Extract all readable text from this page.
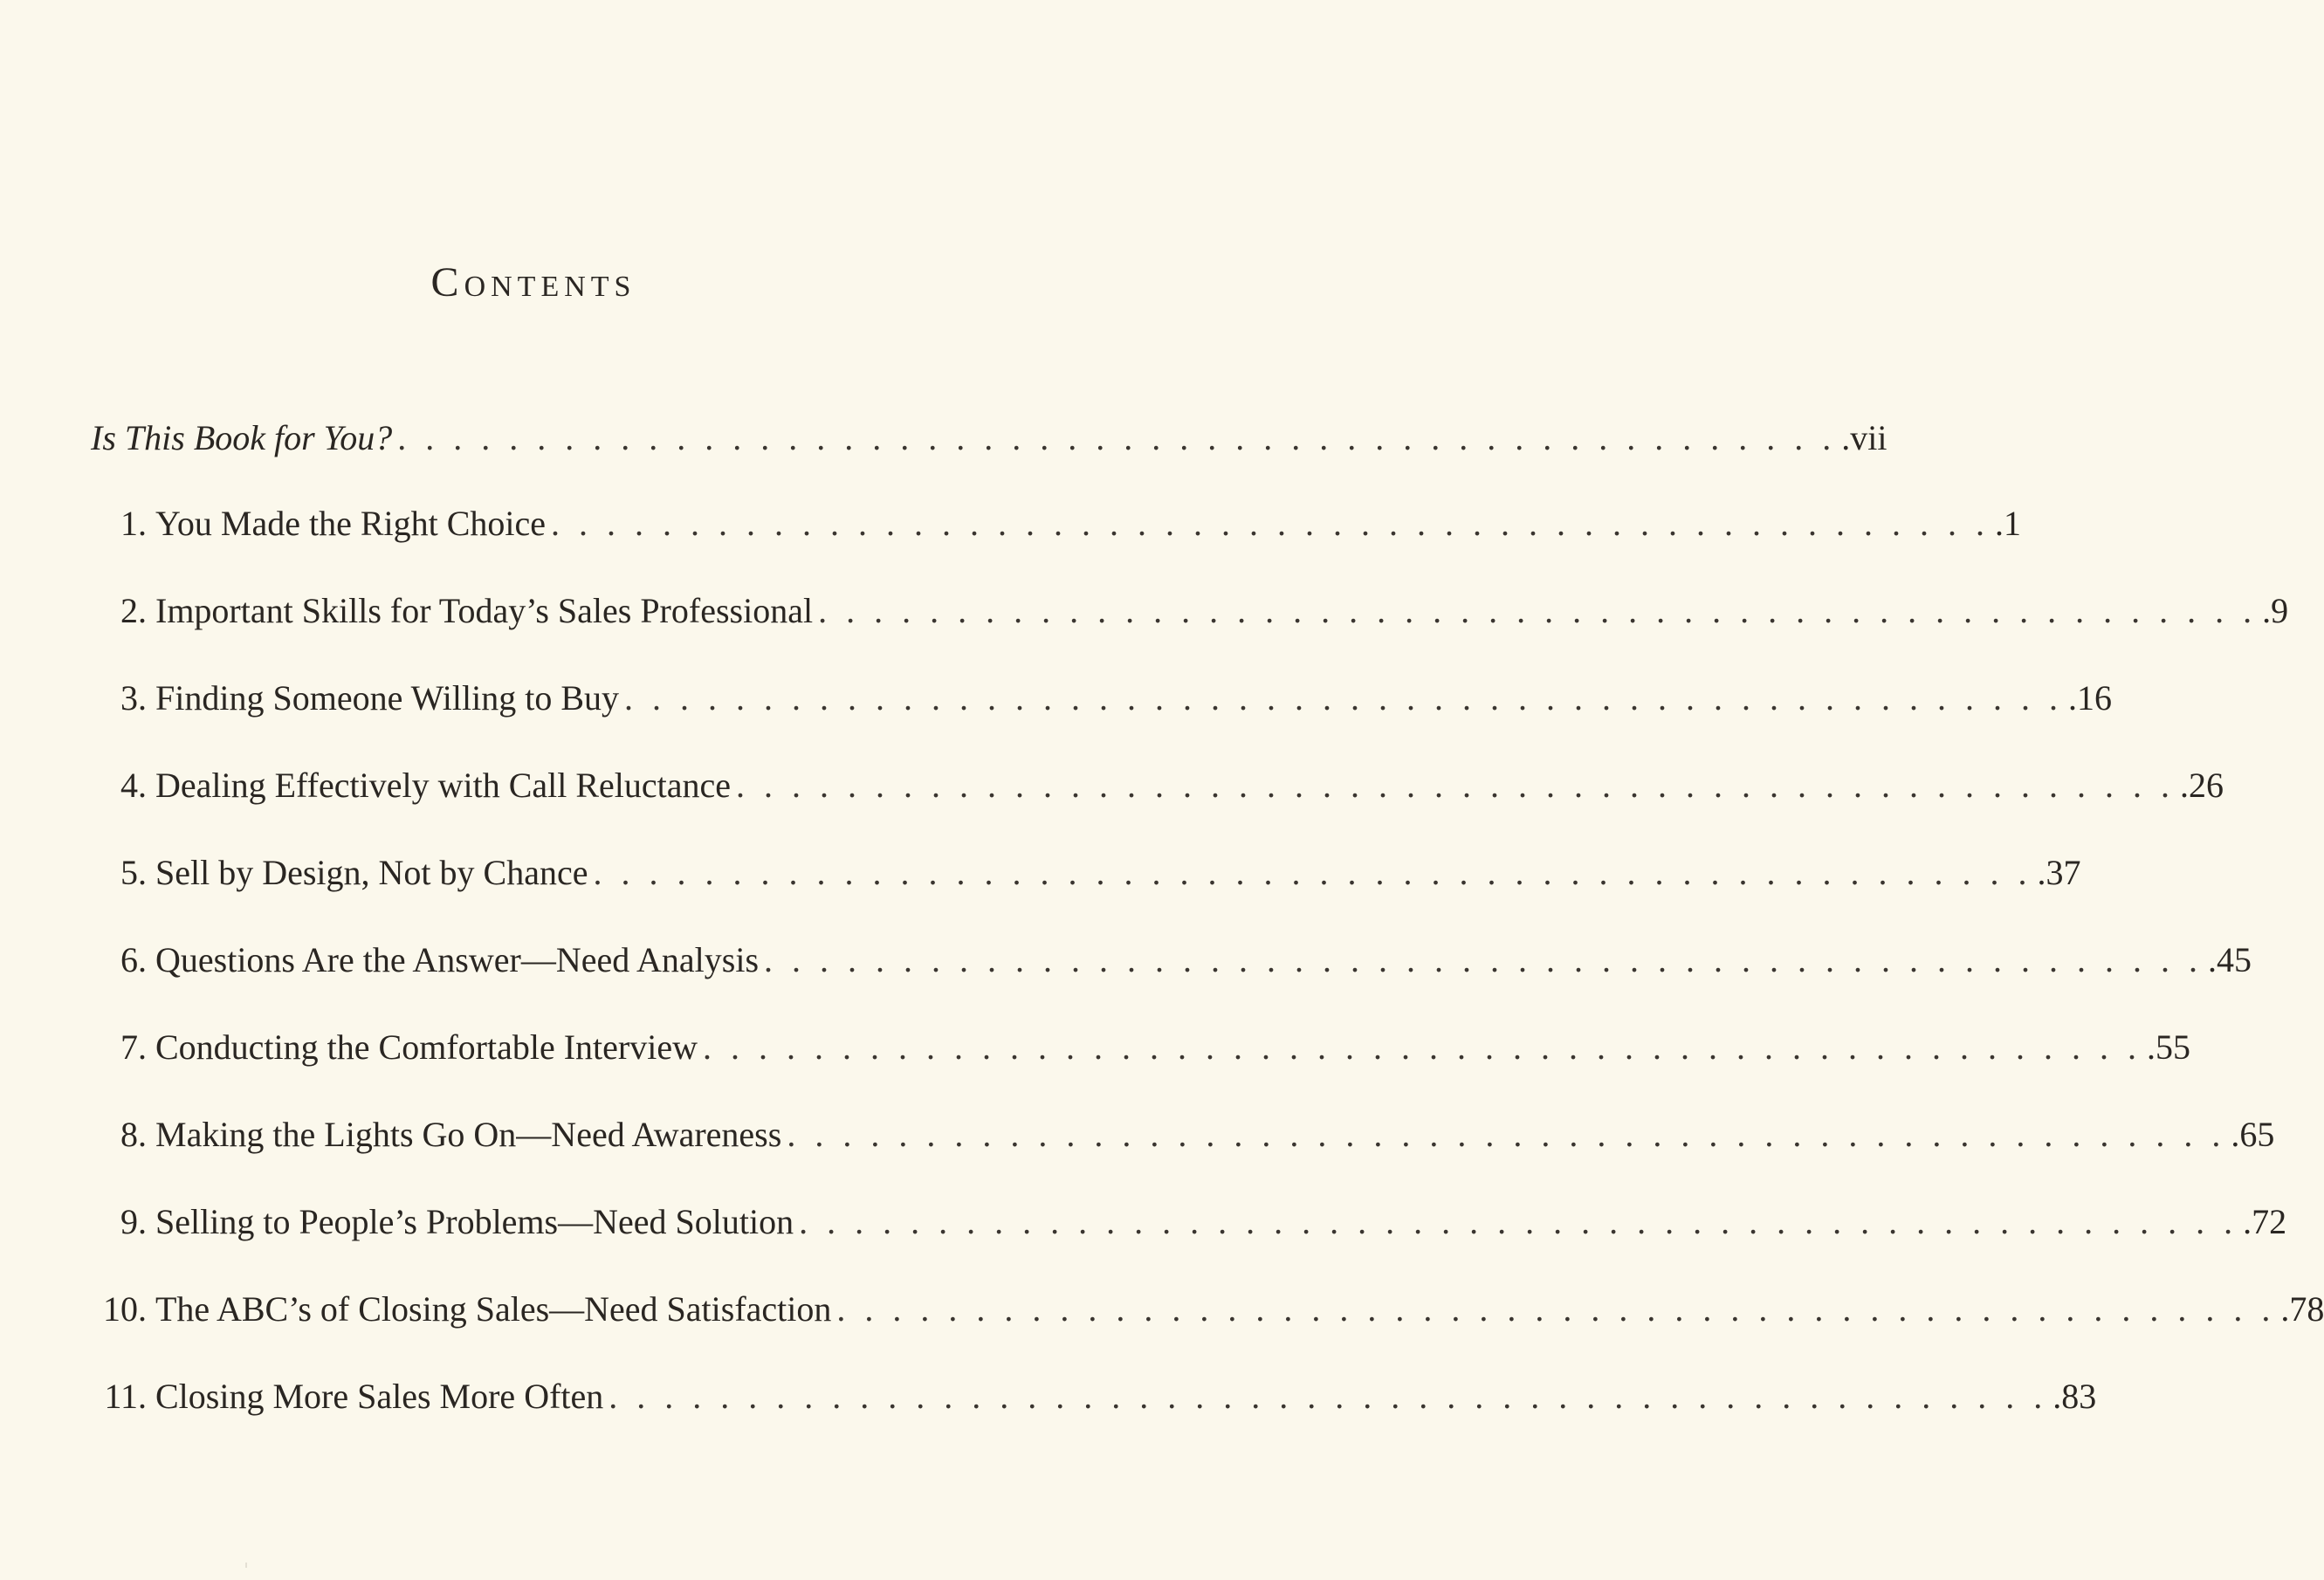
Contents
Is This Book for You? . . . . . . . . . . . . . . . . . . . . . . . . . . . . . . . . . . . . . . . . . . . . . . . . . . . . .vii
1. You Made the Right Choice . . . . . . . . . . . . . . . . . . . . . . . . . . . . . . . . . . . . . . . . . . . . . . . . . . . . .1
2. Important Skills for Today’s Sales Professional . . . . . . . . . . . . . . . . . . . . . . . . . . . . . . . . . . . . . . . . . . . . . . . . . . . . .9
3. Finding Someone Willing to Buy . . . . . . . . . . . . . . . . . . . . . . . . . . . . . . . . . . . . . . . . . . . . . . . . . . . . .16
4. Dealing Effectively with Call Reluctance . . . . . . . . . . . . . . . . . . . . . . . . . . . . . . . . . . . . . . . . . . . . . . . . . . . . .26
5. Sell by Design, Not by Chance . . . . . . . . . . . . . . . . . . . . . . . . . . . . . . . . . . . . . . . . . . . . . . . . . . . . .37
6. Questions Are the Answer—Need Analysis . . . . . . . . . . . . . . . . . . . . . . . . . . . . . . . . . . . . . . . . . . . . . . . . . . . . .45
7. Conducting the Comfortable Interview . . . . . . . . . . . . . . . . . . . . . . . . . . . . . . . . . . . . . . . . . . . . . . . . . . . . .55
8. Making the Lights Go On—Need Awareness . . . . . . . . . . . . . . . . . . . . . . . . . . . . . . . . . . . . . . . . . . . . . . . . . . . . .65
9. Selling to People’s Problems—Need Solution . . . . . . . . . . . . . . . . . . . . . . . . . . . . . . . . . . . . . . . . . . . . . . . . . . . . .72
10. The ABC’s of Closing Sales—Need Satisfaction . . . . . . . . . . . . . . . . . . . . . . . . . . . . . . . . . . . . . . . . . . . . . . . . . . . . .78
11. Closing More Sales More Often . . . . . . . . . . . . . . . . . . . . . . . . . . . . . . . . . . . . . . . . . . . . . . . . . . . . .83
